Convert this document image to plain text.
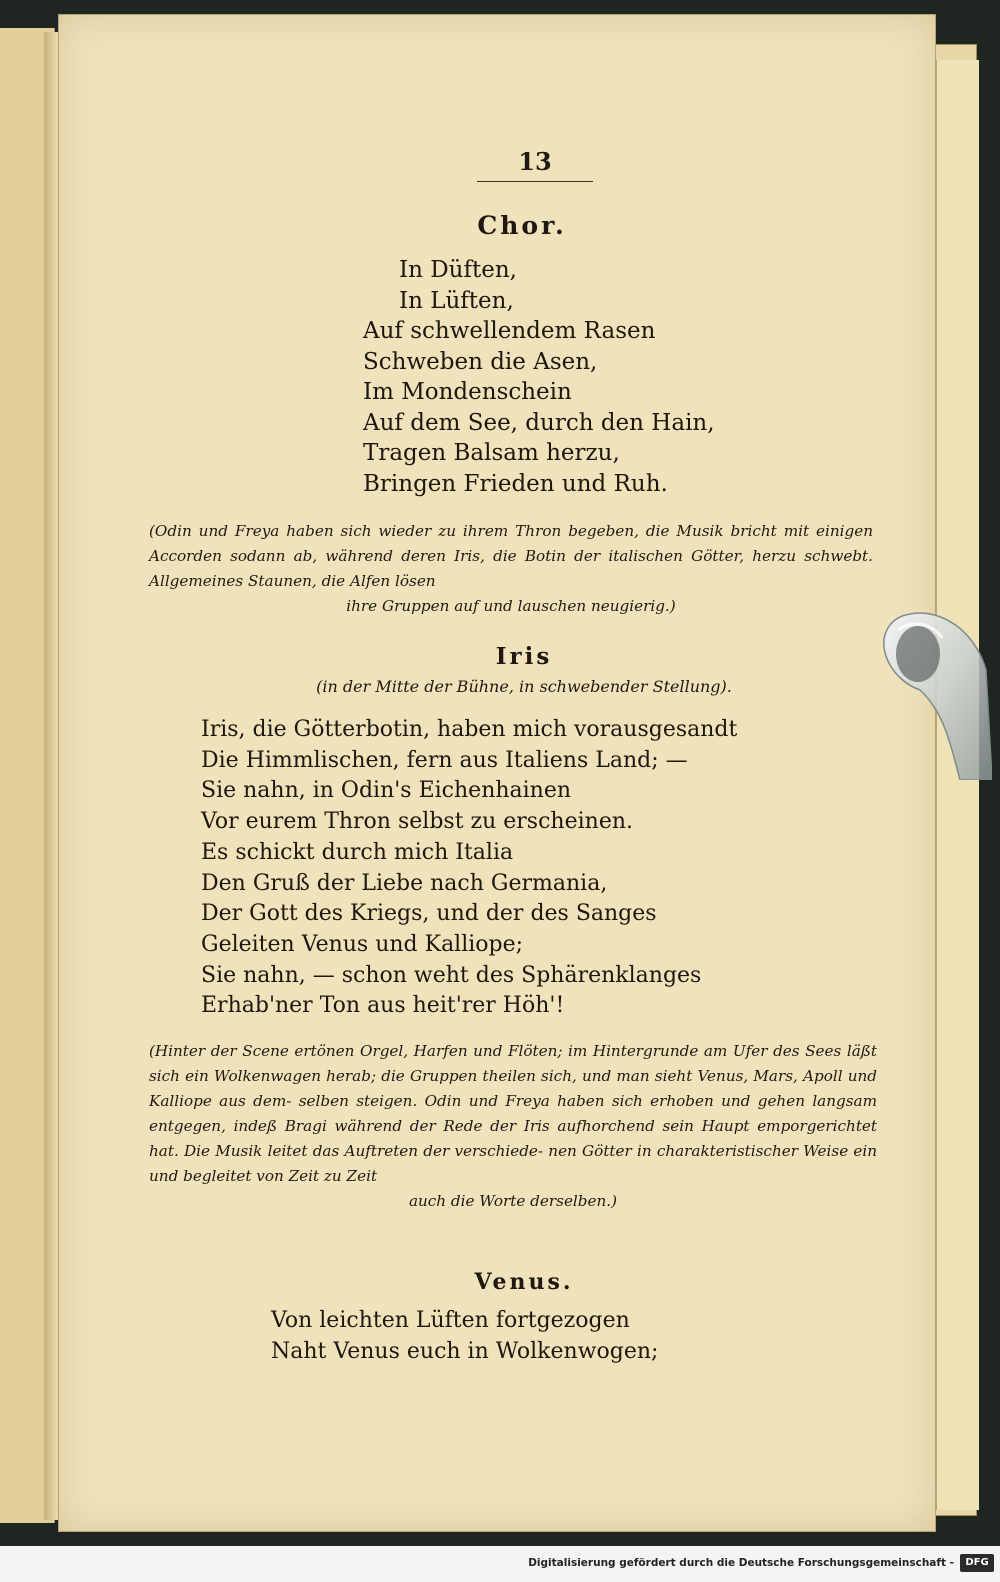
13
Chor.
In Düften,
In Lüften,
Auf schwellendem Rasen
Schweben die Asen,
Im Mondenschein
Auf dem See, durch den Hain,
Tragen Balsam herzu,
Bringen Frieden und Ruh.

(Odin und Freya haben sich wieder zu ihrem Thron begeben, die Musik bricht mit einigen Accorden sodann ab, während deren Iris, die Botin der italischen Götter, herzu schwebt. Allgemeines Staunen, die Alfen lösen
ihre Gruppen auf und lauschen neugierig.)

Iris
(in der Mitte der Bühne, in schwebender Stellung).
Iris, die Götterbotin, haben mich vorausgesandt
Die Himmlischen, fern aus Italiens Land; —
Sie nahn, in Odin's Eichenhainen
Vor eurem Thron selbst zu erscheinen.
Es schickt durch mich Italia
Den Gruß der Liebe nach Germania,
Der Gott des Kriegs, und der des Sanges
Geleiten Venus und Kalliope;
Sie nahn, — schon weht des Sphärenklanges
Erhab'ner Ton aus heit'rer Höh'!

(Hinter der Scene ertönen Orgel, Harfen und Flöten; im Hintergrunde am Ufer des Sees läßt sich ein Wolkenwagen herab; die Gruppen theilen sich, und man sieht Venus, Mars, Apoll und Kalliope aus dem- selben steigen. Odin und Freya haben sich erhoben und gehen langsam entgegen, indeß Bragi während der Rede der Iris aufhorchend sein Haupt emporgerichtet hat. Die Musik leitet das Auftreten der verschiede- nen Götter in charakteristischer Weise ein und begleitet von Zeit zu Zeit
auch die Worte derselben.)

Venus.
Von leichten Lüften fortgezogen
Naht Venus euch in Wolkenwogen;
Digitalisierung gefördert durch die Deutsche Forschungsgemeinschaft -	DFG
